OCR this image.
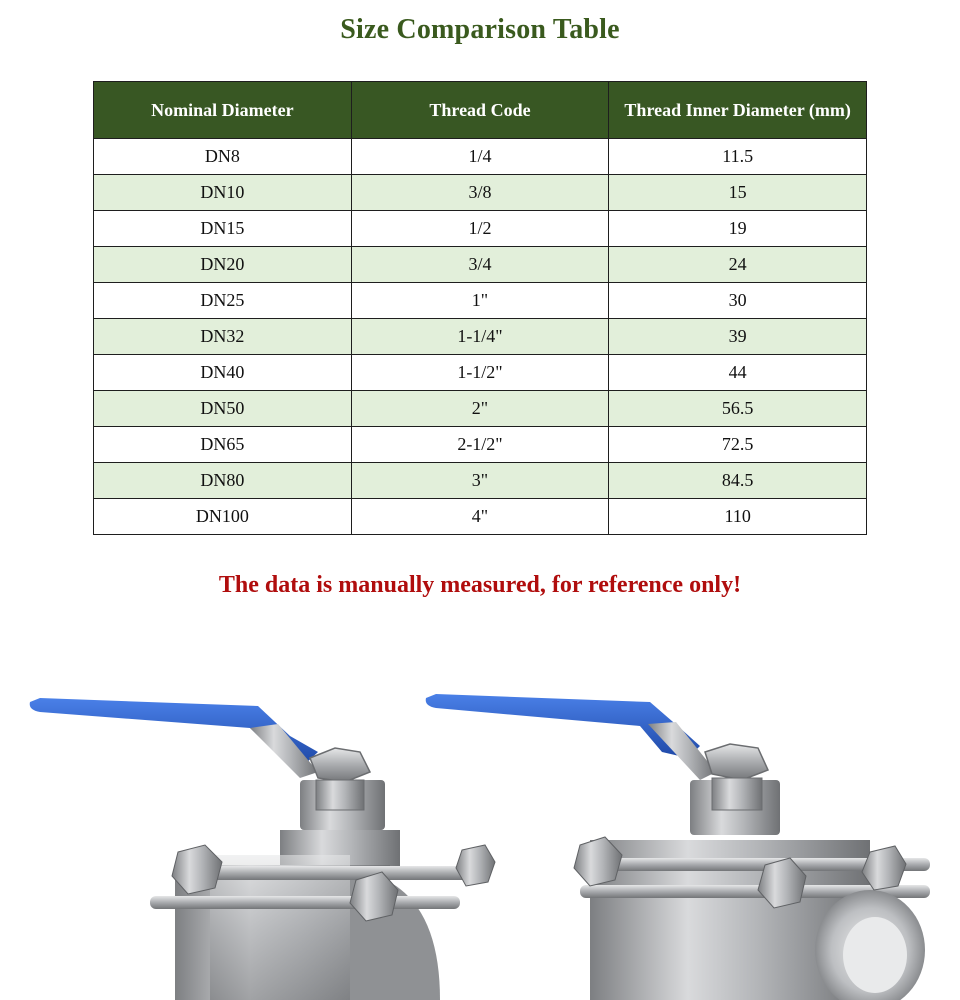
Size Comparison Table
Nominal Diameter	Thread Code	Thread Inner Diameter (mm)
DN8	1/4	11.5
DN10	3/8	15
DN15	1/2	19
DN20	3/4	24
DN25	1"	30
DN32	1-1/4"	39
DN40	1-1/2"	44
DN50	2"	56.5
DN65	2-1/2"	72.5
DN80	3"	84.5
DN100	4"	110
The data is manually measured, for reference only!
